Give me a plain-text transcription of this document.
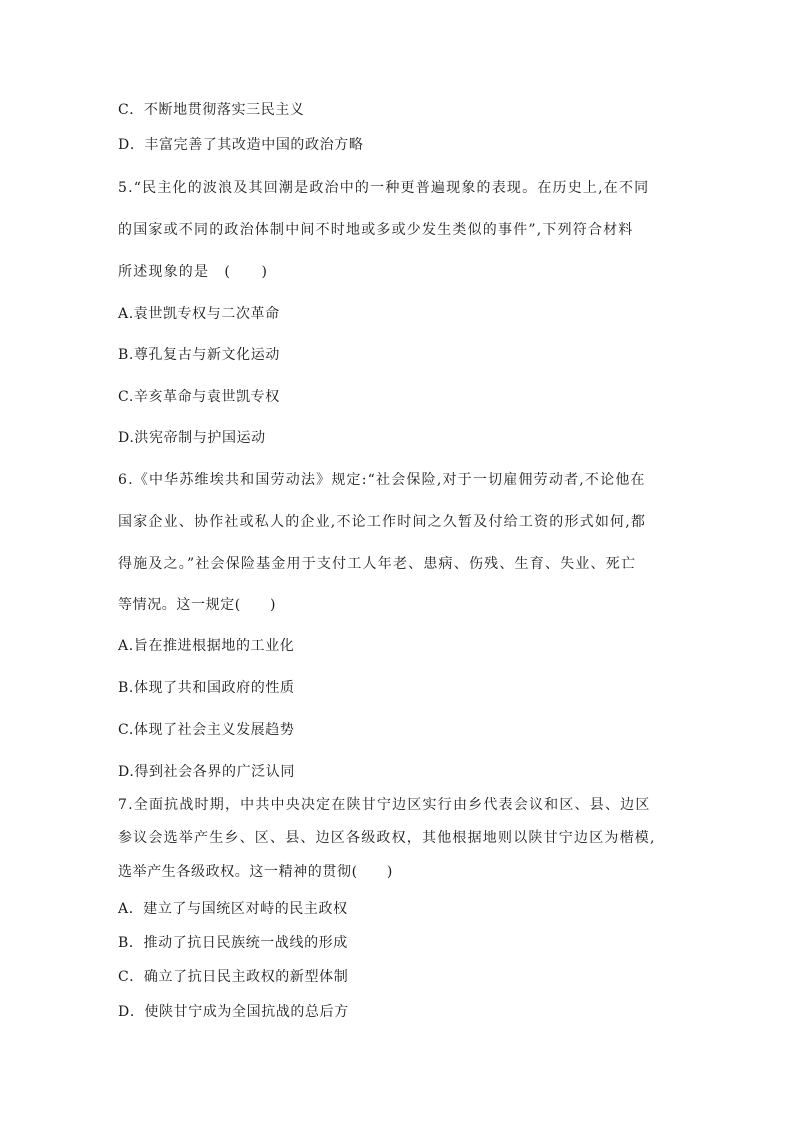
C．不断地贯彻落实三民主义
D．丰富完善了其改造中国的政治方略
5.“民主化的波浪及其回潮是政治中的一种更普遍现象的表现。在历史上,在不同
的国家或不同的政治体制中间不时地或多或少发生类似的事件”,下列符合材料
所述现象的是　(　　)
A.袁世凯专权与二次革命
B.尊孔复古与新文化运动
C.辛亥革命与袁世凯专权
D.洪宪帝制与护国运动
6.《中华苏维埃共和国劳动法》规定:“社会保险,对于一切雇佣劳动者,不论他在
国家企业、协作社或私人的企业,不论工作时间之久暂及付给工资的形式如何,都
得施及之。”社会保险基金用于支付工人年老、患病、伤残、生育、失业、死亡
等情况。这一规定(　　)
A.旨在推进根据地的工业化
B.体现了共和国政府的性质
C.体现了社会主义发展趋势
D.得到社会各界的广泛认同
7.全面抗战时期，中共中央决定在陕甘宁边区实行由乡代表会议和区、县、边区
参议会选举产生乡、区、县、边区各级政权，其他根据地则以陕甘宁边区为楷模,
选举产生各级政权。这一精神的贯彻(　　)
A．建立了与国统区对峙的民主政权
B．推动了抗日民族统一战线的形成
C．确立了抗日民主政权的新型体制
D．使陕甘宁成为全国抗战的总后方
